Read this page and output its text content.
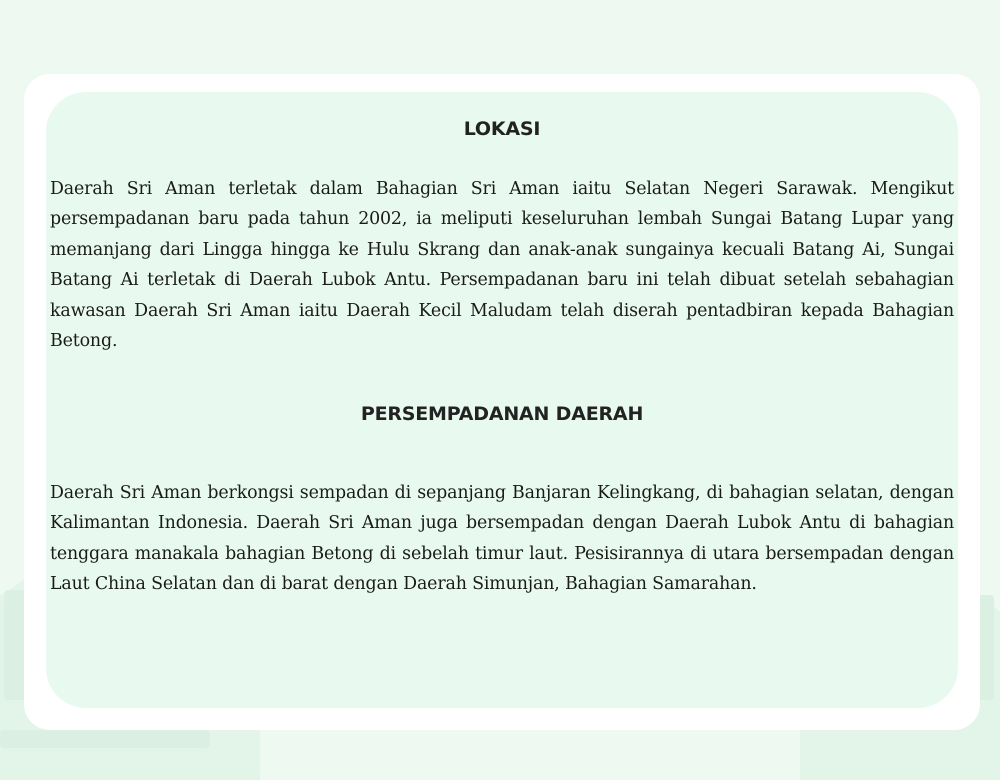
LOKASI

Daerah Sri Aman terletak dalam Bahagian Sri Aman iaitu Selatan Negeri Sarawak. Mengikut persempadanan baru pada tahun 2002, ia meliputi keseluruhan lembah Sungai Batang Lupar yang memanjang dari Lingga hingga ke Hulu Skrang dan anak-anak sungainya kecuali Batang Ai, Sungai Batang Ai terletak di Daerah Lubok Antu. Persempadanan baru ini telah dibuat setelah sebahagian kawasan Daerah Sri Aman iaitu Daerah Kecil Maludam telah diserah pentadbiran kepada Bahagian Betong.

PERSEMPADANAN DAERAH

Daerah Sri Aman berkongsi sempadan di sepanjang Banjaran Kelingkang, di bahagian selatan, dengan Kalimantan Indonesia. Daerah Sri Aman juga bersempadan dengan Daerah Lubok Antu di bahagian tenggara manakala bahagian Betong di sebelah timur laut. Pesisirannya di utara bersempadan dengan Laut China Selatan dan di barat dengan Daerah Simunjan, Bahagian Samarahan.
